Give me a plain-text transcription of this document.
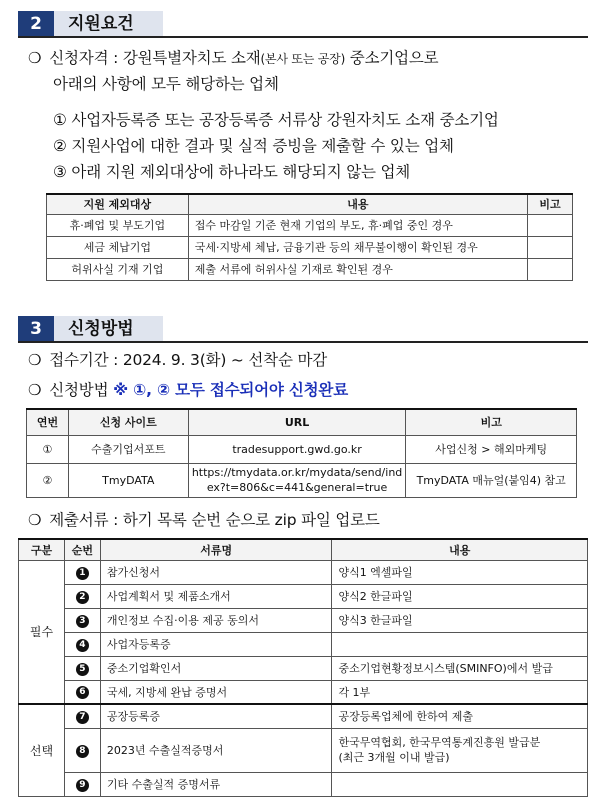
2	지원요건
❍ 신청자격 : 강원특별자치도 소재(본사 또는 공장) 중소기업으로
아래의 사항에 모두 해당하는 업체
① 사업자등록증 또는 공장등록증 서류상 강원자치도 소재 중소기업
② 지원사업에 대한 결과 및 실적 증빙을 제출할 수 있는 업체
③ 아래 지원 제외대상에 하나라도 해당되지 않는 업체
지원 제외대상	내용	비고
휴·폐업 및 부도기업	접수 마감일 기준 현재 기업의 부도, 휴·폐업 중인 경우	
세금 체납기업	국세·지방세 체납, 금융기관 등의 채무불이행이 확인된 경우	
허위사실 기재 기업	제출 서류에 허위사실 기재로 확인된 경우	
3	신청방법
❍ 접수기간 : 2024. 9. 3(화) ~ 선착순 마감
❍ 신청방법 ※ ①, ② 모두 접수되어야 신청완료
연번	신청 사이트	URL	비고
①	수출기업서포트	tradesupport.gwd.go.kr	사업신청 > 해외마케팅
②	TmyDATA	https://tmydata.or.kr/mydata/send/index?t=806&c=441&general=true	TmyDATA 매뉴얼(붙임4) 참고
❍ 제출서류 : 하기 목록 순번 순으로 zip 파일 업로드
구분	순번	서류명	내용
필수	1	참가신청서	양식1 엑셀파일
	2	사업계획서 및 제품소개서	양식2 한글파일
	3	개인정보 수집·이용 제공 동의서	양식3 한글파일
	4	사업자등록증	
	5	중소기업확인서	중소기업현황정보시스템(SMINFO)에서 발급
	6	국세, 지방세 완납 증명서	각 1부
선택	7	공장등록증	공장등록업체에 한하여 제출
	8	2023년 수출실적증명서	한국무역협회, 한국무역통계진흥원 발급분
(최근 3개월 이내 발급)

	9	기타 수출실적 증명서류	
